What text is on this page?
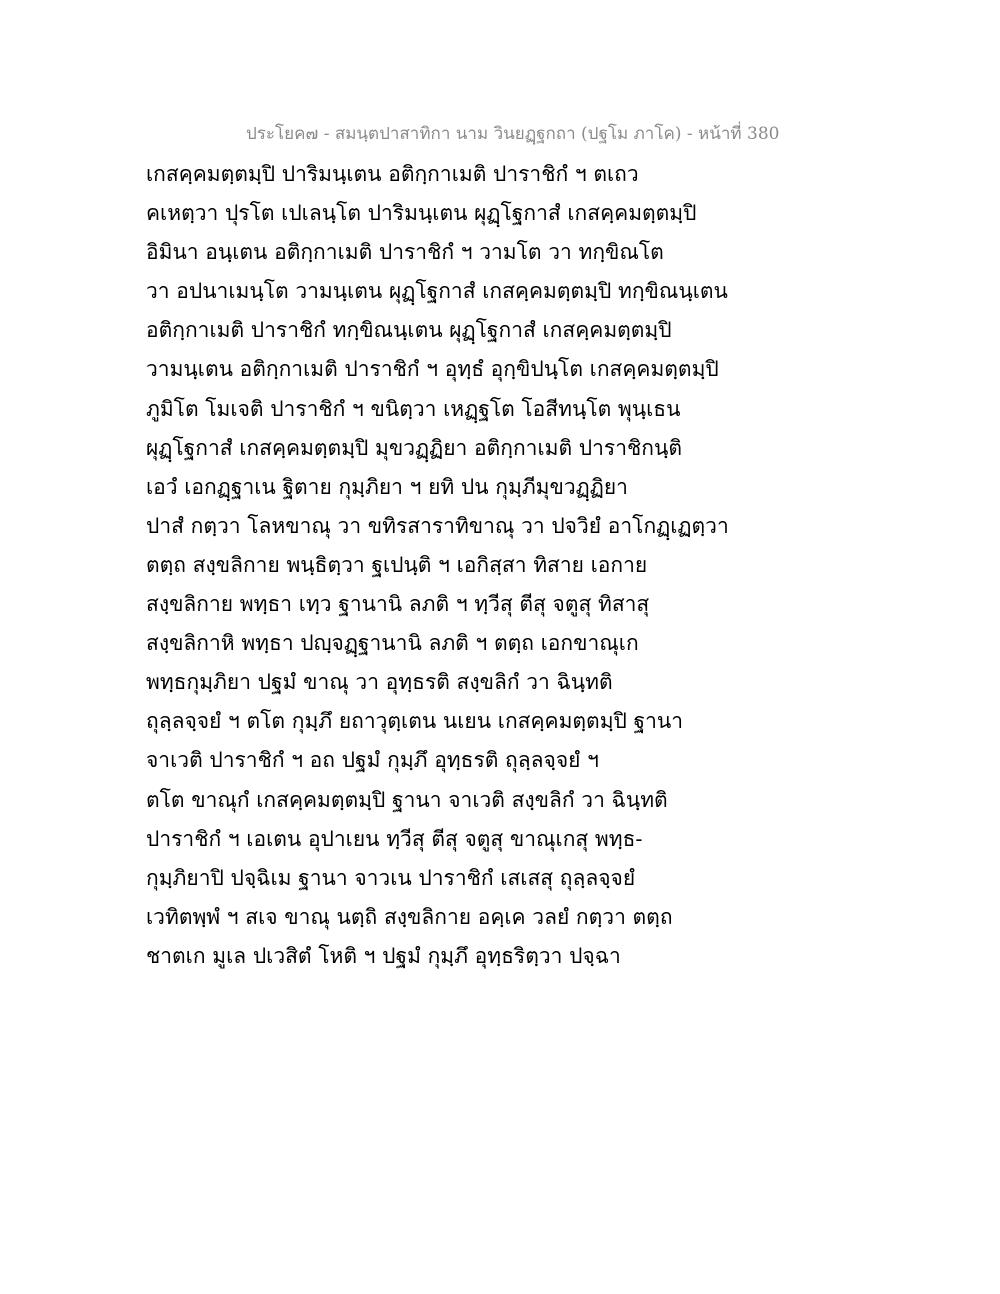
ประโยค๗ - สมนฺตปาสาทิกา นาม วินยฏฺฐกถา (ปฐโม ภาโค) - หน้าที่ 380
เกสคฺคมตฺตมฺปิ ปาริมนฺเตน อติกฺกาเมติ ปาราชิกํ ฯ ตเถว
คเหตฺวา ปุรโต เปเลนฺโต ปาริมนฺเตน ผุฏฺโฐกาสํ เกสคฺคมตฺตมฺปิ
อิมินา อนฺเตน อติกฺกาเมติ ปาราชิกํ ฯ วามโต วา ทกฺขิณโต
วา อปนาเมนฺโต วามนฺเตน ผุฏฺโฐกาสํ เกสคฺคมตฺตมฺปิ ทกฺขิณนฺเตน
อติกฺกาเมติ ปาราชิกํ ทกฺขิณนฺเตน ผุฏฺโฐกาสํ เกสคฺคมตฺตมฺปิ
วามนฺเตน อติกฺกาเมติ ปาราชิกํ ฯ อุทฺธํ อุกฺขิปนฺโต เกสคฺคมตฺตมฺปิ
ภูมิโต โมเจติ ปาราชิกํ ฯ ขนิตฺวา เหฏฺฐโต โอสีทนฺโต พุนฺเธน
ผุฏฺโฐกาสํ เกสคฺคมตฺตมฺปิ มุขวฏฺฏิยา อติกฺกาเมติ ปาราชิกนฺติ
เอวํ เอกฏฺฐาเน ฐิตาย กุมฺภิยา ฯ ยทิ ปน กุมฺภีมุขวฏฺฏิยา
ปาสํ กตฺวา โลหขาณุ วา ขทิรสาราทิขาณุ วา ปจวิยํ อาโกฏฺเฏตฺวา
ตตฺถ สงฺขลิกาย พนฺธิตฺวา ฐเปนฺติ ฯ เอกิสฺสา ทิสาย เอกาย
สงฺขลิกาย พทฺธา เทฺว ฐานานิ ลภติ ฯ ทฺวีสุ ตีสุ จตูสุ ทิสาสุ
สงฺขลิกาหิ พทฺธา ปญฺจฏฺฐานานิ ลภติ ฯ ตตฺถ เอกขาณุเก
พทฺธกุมฺภิยา ปฐมํ ขาณุ วา อุทฺธรติ สงฺขลิกํ วา ฉินฺทติ
ถุลฺลจฺจยํ ฯ ตโต กุมฺภึ ยถาวุตฺเตน นเยน เกสคฺคมตฺตมฺปิ ฐานา
จาเวติ ปาราชิกํ ฯ อถ ปฐมํ กุมฺภึ อุทฺธรติ ถุลฺลจฺจยํ ฯ
ตโต ขาณุกํ เกสคฺคมตฺตมฺปิ ฐานา จาเวติ สงฺขลิกํ วา ฉินฺทติ
ปาราชิกํ ฯ เอเตน อุปาเยน ทฺวีสุ ตีสุ จตูสุ ขาณุเกสุ พทฺธ-
กุมฺภิยาปิ ปจฺฉิเม ฐานา จาวเน ปาราชิกํ เสเสสุ ถุลฺลจฺจยํ
เวทิตพฺพํ ฯ สเจ ขาณุ นตฺถิ สงฺขลิกาย อคฺเค วลยํ กตฺวา ตตฺถ
ชาตเก มูเล ปเวสิตํ โหติ ฯ ปฐมํ กุมฺภึ อุทฺธริตฺวา ปจฺฉา
